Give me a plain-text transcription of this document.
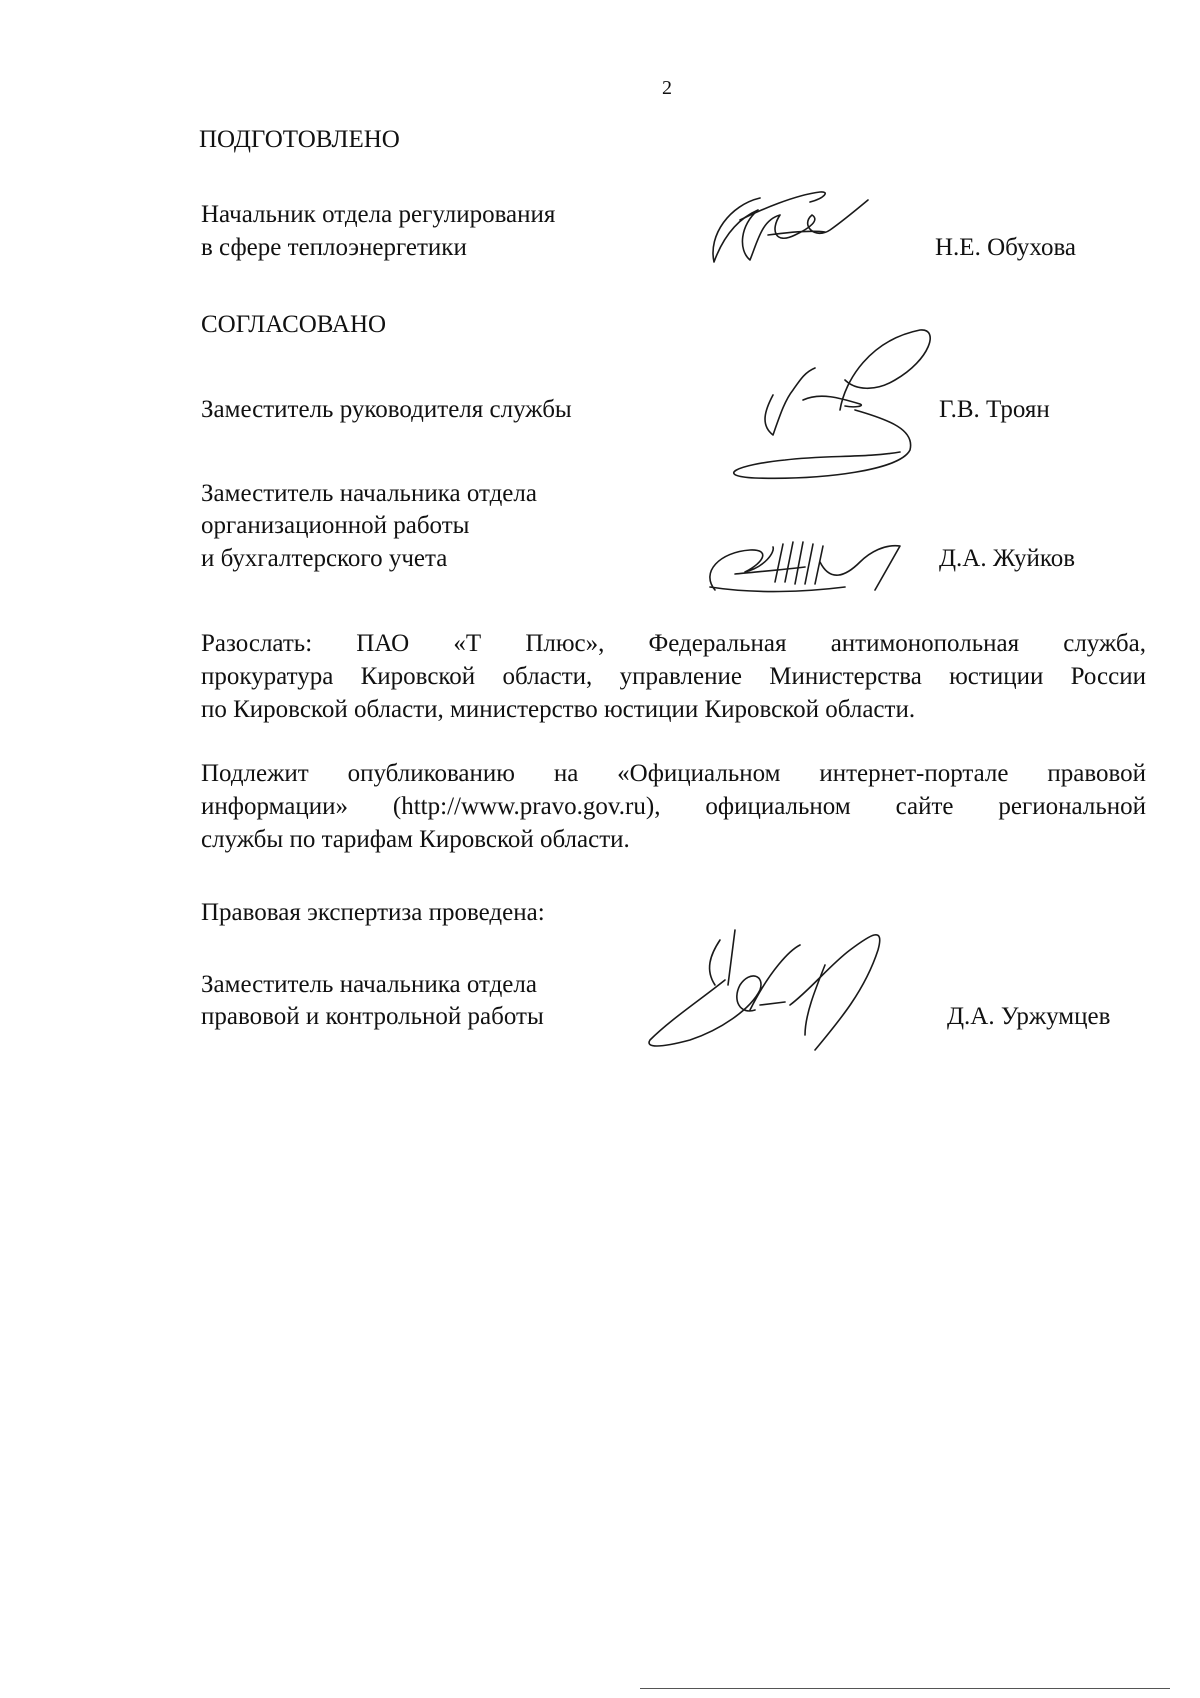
2
ПОДГОТОВЛЕНО
Начальник отдела регулирования
в сфере теплоэнергетики	Н.Е. Обухова
СОГЛАСОВАНО
Заместитель руководителя службы	Г.В. Троян
Заместитель начальника отдела
организационной работы
и бухгалтерского учета	Д.А. Жуйков
Разослать: ПАО «Т Плюс», Федеральная антимонопольная служба,
прокуратура Кировской области, управление Министерства юстиции России
по Кировской области, министерство юстиции Кировской области.
Подлежит опубликованию на «Официальном интернет-портале правовой
информации» (http://www.pravo.gov.ru), официальном сайте региональной
службы по тарифам Кировской области.
Правовая экспертиза проведена:
Заместитель начальника отдела
правовой и контрольной работы	Д.А. Уржумцев
